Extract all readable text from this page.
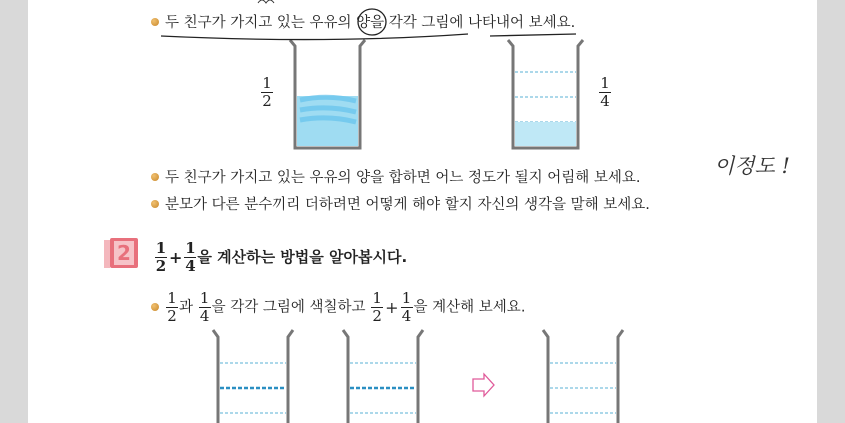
두 친구가 가지고 있는 우유의 양을 각각 그림에 나타내어 보세요.
$\frac{1}{2}$	$\frac{1}{4}$
두 친구가 가지고 있는 우유의 양을 합하면 어느 정도가 될지 어림해 보세요.	이정도 !
분모가 다른 분수끼리 더하려면 어떻게 해야 할지 자신의 생각을 말해 보세요.
$2 \frac{1}{2} + \frac{1}{4}$ 을 계산하는 방법을 알아봅시다.
$\frac{1}{2}$ 과 $\frac{1}{4}$ 을 각각 그림에 색칠하고 $\frac{1}{2} + \frac{1}{4}$ 을 계산해 보세요.
